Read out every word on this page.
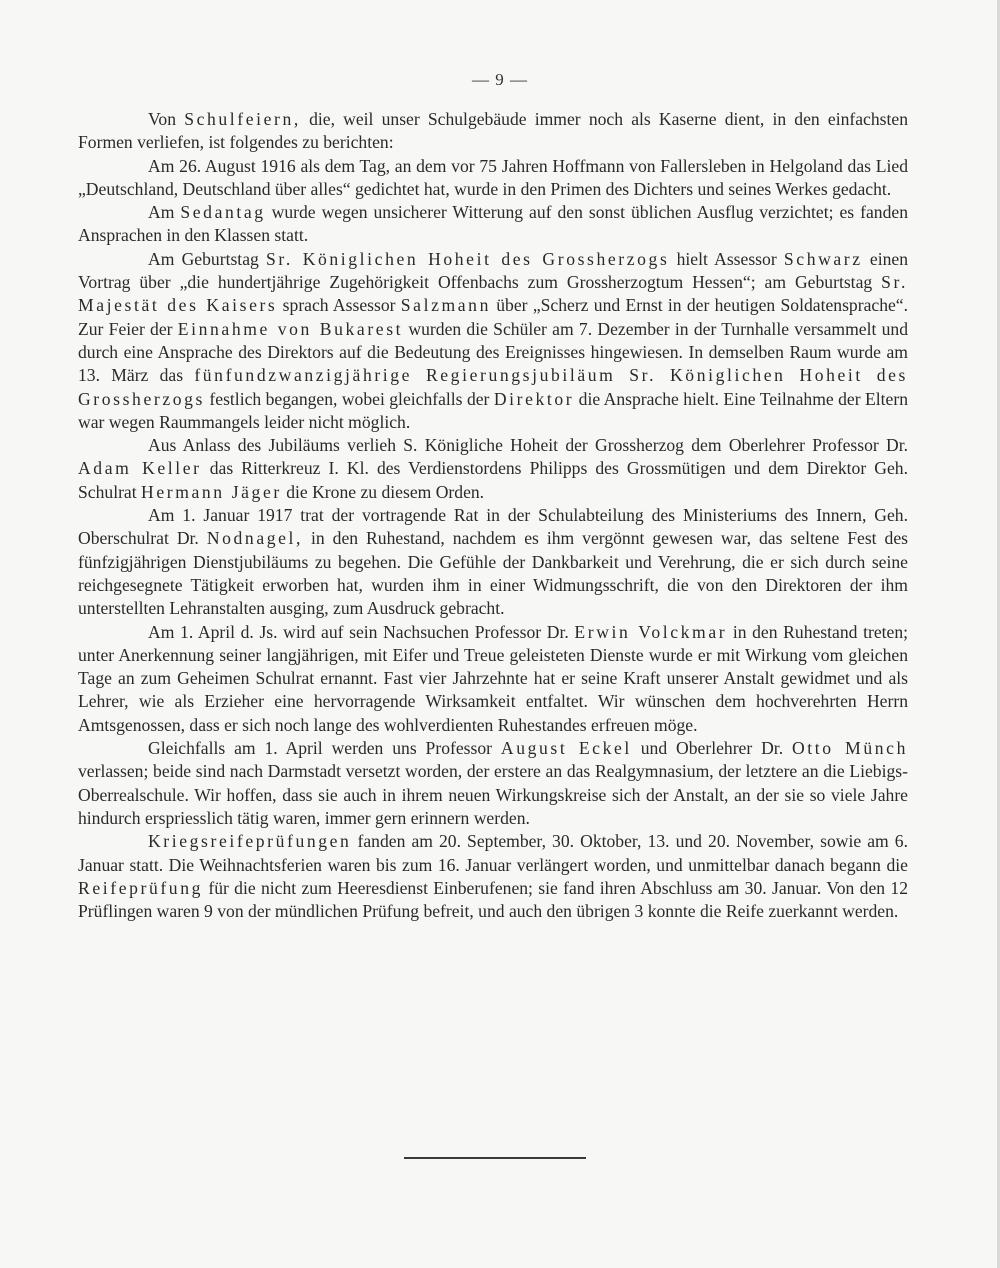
— 9 —

Von Schulfeiern, die, weil unser Schulgebäude immer noch als Kaserne dient, in den einfachsten Formen verliefen, ist folgendes zu berichten:

Am 26. August 1916 als dem Tag, an dem vor 75 Jahren Hoffmann von Fallersleben in Helgoland das Lied „Deutschland, Deutschland über alles“ gedichtet hat, wurde in den Primen des Dichters und seines Werkes gedacht.

Am Sedantag wurde wegen unsicherer Witterung auf den sonst üblichen Ausflug verzichtet; es fanden Ansprachen in den Klassen statt.

Am Geburtstag Sr. Königlichen Hoheit des Grossherzogs hielt Assessor Schwarz einen Vortrag über „die hundertjährige Zugehörigkeit Offenbachs zum Grossherzogtum Hessen“; am Geburtstag Sr. Majestät des Kaisers sprach Assessor Salzmann über „Scherz und Ernst in der heutigen Soldatensprache“. Zur Feier der Einnahme von Bukarest wurden die Schüler am 7. Dezember in der Turnhalle versammelt und durch eine Ansprache des Direktors auf die Bedeutung des Ereignisses hingewiesen. In demselben Raum wurde am 13. März das fünfundzwanzigjährige Regierungsjubiläum Sr. Königlichen Hoheit des Grossherzogs festlich begangen, wobei gleichfalls der Direktor die Ansprache hielt. Eine Teilnahme der Eltern war wegen Raummangels leider nicht möglich.

Aus Anlass des Jubiläums verlieh S. Königliche Hoheit der Grossherzog dem Oberlehrer Professor Dr. Adam Keller das Ritterkreuz I. Kl. des Verdienstordens Philipps des Grossmütigen und dem Direktor Geh. Schulrat Hermann Jäger die Krone zu diesem Orden.

Am 1. Januar 1917 trat der vortragende Rat in der Schulabteilung des Ministeriums des Innern, Geh. Oberschulrat Dr. Nodnagel, in den Ruhestand, nachdem es ihm vergönnt gewesen war, das seltene Fest des fünfzigjährigen Dienstjubiläums zu begehen. Die Gefühle der Dankbarkeit und Verehrung, die er sich durch seine reichgesegnete Tätigkeit erworben hat, wurden ihm in einer Widmungsschrift, die von den Direktoren der ihm unterstellten Lehranstalten ausging, zum Ausdruck gebracht.

Am 1. April d. Js. wird auf sein Nachsuchen Professor Dr. Erwin Volckmar in den Ruhestand treten; unter Anerkennung seiner langjährigen, mit Eifer und Treue geleisteten Dienste wurde er mit Wirkung vom gleichen Tage an zum Geheimen Schulrat ernannt. Fast vier Jahrzehnte hat er seine Kraft unserer Anstalt gewidmet und als Lehrer, wie als Erzieher eine hervorragende Wirksamkeit entfaltet. Wir wünschen dem hochverehrten Herrn Amtsgenossen, dass er sich noch lange des wohlverdienten Ruhestandes erfreuen möge.

Gleichfalls am 1. April werden uns Professor August Eckel und Oberlehrer Dr. Otto Münch verlassen; beide sind nach Darmstadt versetzt worden, der erstere an das Realgymnasium, der letztere an die Liebigs-Oberrealschule. Wir hoffen, dass sie auch in ihrem neuen Wirkungskreise sich der Anstalt, an der sie so viele Jahre hindurch erspriesslich tätig waren, immer gern erinnern werden.

Kriegsreifeprüfungen fanden am 20. September, 30. Oktober, 13. und 20. November, sowie am 6. Januar statt. Die Weihnachtsferien waren bis zum 16. Januar verlängert worden, und unmittelbar danach begann die Reifeprüfung für die nicht zum Heeresdienst Einberufenen; sie fand ihren Abschluss am 30. Januar. Von den 12 Prüflingen waren 9 von der mündlichen Prüfung befreit, und auch den übrigen 3 konnte die Reife zuerkannt werden.
